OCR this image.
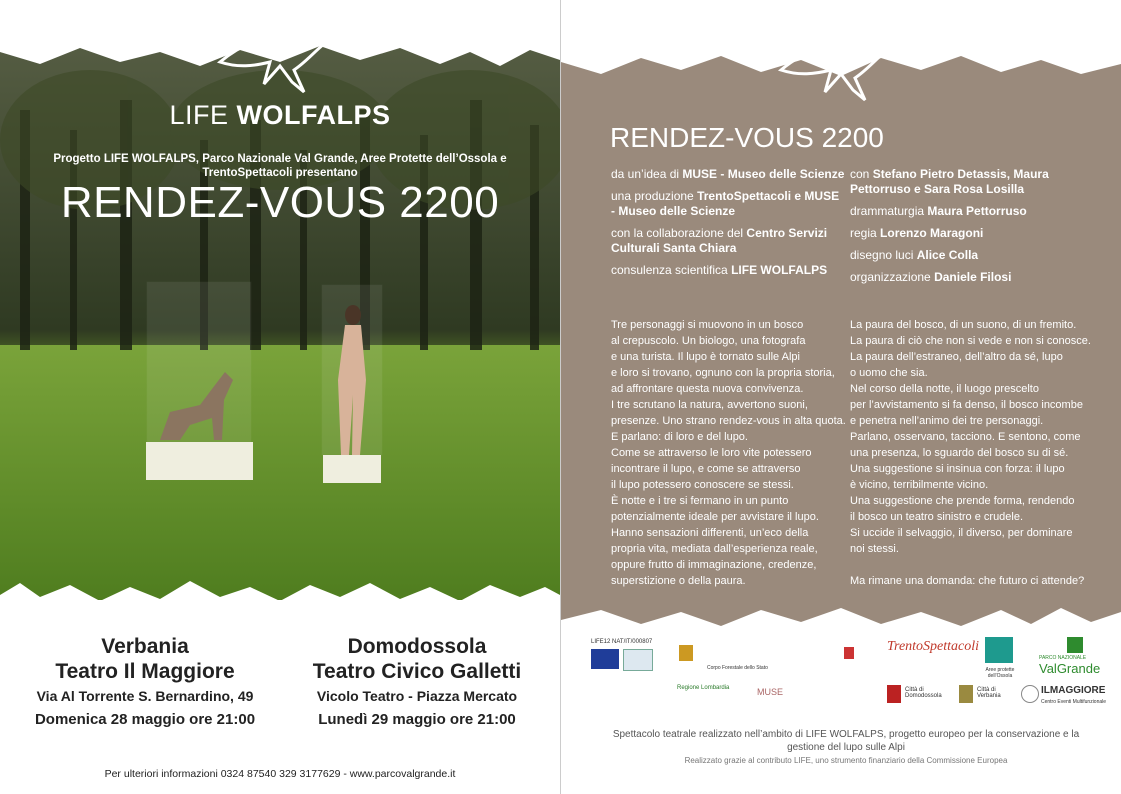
LIFE WOLFALPS
Progetto LIFE WOLFALPS, Parco Nazionale Val Grande, Aree Protette dell’Ossola e TrentoSpettacoli presentano
RENDEZ-VOUS 2200
Verbania
Teatro Il Maggiore
Via Al Torrente S. Bernardino, 49
Domenica 28 maggio ore 21:00
Domodossola
Teatro Civico Galletti
Vicolo Teatro - Piazza Mercato
Lunedì 29 maggio ore 21:00
Per ulteriori informazioni 0324 87540 329 3177629 - www.parcovalgrande.it
RENDEZ-VOUS 2200

da un’idea di MUSE - Museo delle Scienze

una produzione TrentoSpettacoli e MUSE - Museo delle Scienze

con la collaborazione del Centro Servizi Culturali Santa Chiara

consulenza scientifica LIFE WOLFALPS

con Stefano Pietro Detassis, Maura Pettorruso e Sara Rosa Losilla

drammaturgia Maura Pettorruso

regia Lorenzo Maragoni

disegno luci Alice Colla

organizzazione Daniele Filosi

Tre personaggi si muovono in un bosco

al crepuscolo. Un biologo, una fotografa

e una turista. Il lupo è tornato sulle Alpi

e loro si trovano, ognuno con la propria storia,

ad affrontare questa nuova convivenza.

I tre scrutano la natura, avvertono suoni,

presenze. Uno strano rendez-vous in alta quota.

E parlano: di loro e del lupo.

Come se attraverso le loro vite potessero

incontrare il lupo, e come se attraverso

il lupo potessero conoscere se stessi.

È notte e i tre si fermano in un punto

potenzialmente ideale per avvistare il lupo.

Hanno sensazioni differenti, un’eco della

propria vita, mediata dall’esperienza reale,

oppure frutto di immaginazione, credenze,

superstizione o della paura.

La paura del bosco, di un suono, di un fremito.

La paura di ciò che non si vede e non si conosce.

La paura dell’estraneo, dell’altro da sé, lupo

o uomo che sia.

Nel corso della notte, il luogo prescelto

per l’avvistamento si fa denso, il bosco incombe

e penetra nell’animo dei tre personaggi.

Parlano, osservano, tacciono. E sentono, come

una presenza, lo sguardo del bosco su di sé.

Una suggestione si insinua con forza: il lupo

è vicino, terribilmente vicino.

Una suggestione che prende forma, rendendo

il bosco un teatro sinistro e crudele.

Si uccide il selvaggio, il diverso, per dominare

noi stessi.

Ma rimane una domanda: che futuro ci attende?

LIFE12 NAT/IT/000807
Corpo Forestale dello Stato
Regione Lombardia	MUSE
TrentoSpettacoli
Aree protette dell’Ossola
PARCO NAZIONALE
ValGrande
Città di Domodossola
Città di Verbania	ILMAGGIORE
Centro Eventi Multifunzionale
Spettacolo teatrale realizzato nell’ambito di LIFE WOLFALPS, progetto europeo per la conservazione e la gestione del lupo sulle Alpi
Realizzato grazie al contributo LIFE, uno strumento finanziario della Commissione Europea
